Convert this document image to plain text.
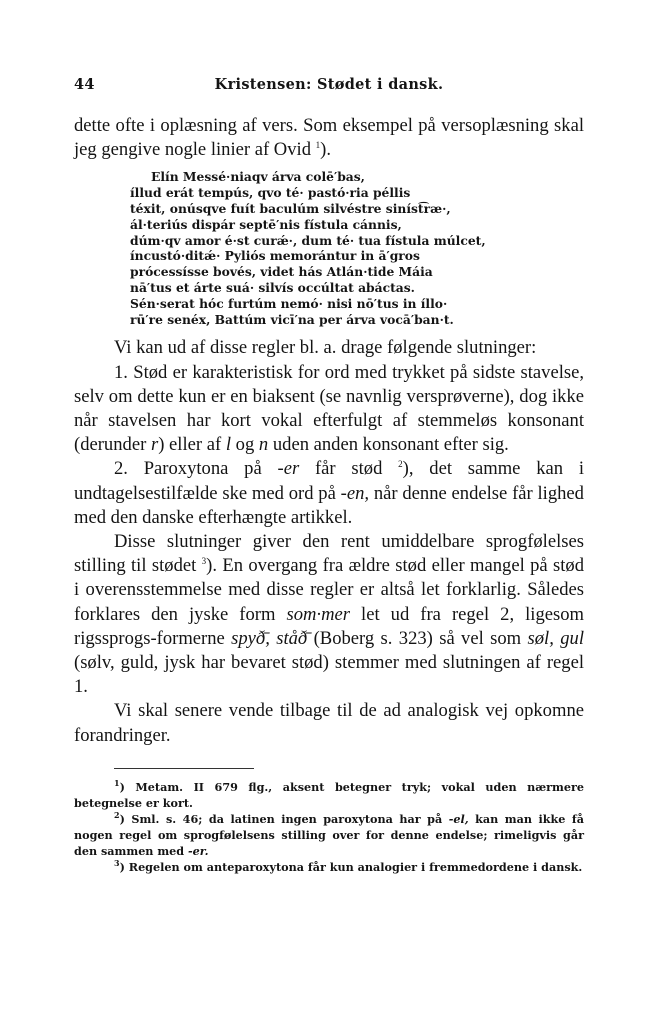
44	Kristensen: Stødet i dansk.

dette ofte i oplæsning af vers. Som eksempel på versoplæsning skal jeg gengive nogle linier af Ovid $^1$).

Elín Messé·niaqv árva colē′bas,
íllud erát tempús, qvo té· pastó·ria péllis
téxit, onúsqve fuít baculúm silvéstre siníst͡ræ·,
ál·teriús dispár septē′nis fístula cánnis,
dúm·qv amor é·st curǽ·, dum té· tua fístula múlcet,
íncustó·ditǽ· Pyliós memorántur in ā′gros
prócessísse bovés, videt hás Atlán·tide Máia
nā′tus et árte suá· silvís occúltat abáctas.
Sén·serat hóc furtúm nemó· nisi nō′tus in íllo·
rū′re senéx, Battúm vicī′na per árva vocā′ban·t.

Vi kan ud af disse regler bl. a. drage følgende slutninger:

1. Stød er karakteristisk for ord med trykket på sidste stavelse, selv om dette kun er en biaksent (se navnlig versprøverne), dog ikke når stavelsen har kort vokal efterfulgt af stemmeløs konsonant (derunder r) eller af l og n uden anden konsonant efter sig.

2. Paroxytona på -er får stød $^2$), det samme kan i undtagelsestilfælde ske med ord på -en, når denne endelse får lighed med den danske efterhængte artikkel.

Disse slutninger giver den rent umiddelbare sprogfølelses stilling til stødet $^3$). En overgang fra ældre stød eller mangel på stød i overensstemmelse med disse regler er altså let forklarlig. Således forklares den jyske form som·mer let ud fra regel 2, ligesom rigssprogs-formerne spyð̄, ståð̄ (Boberg s. 323) så vel som søl, gul (sølv, guld, jysk har bevaret stød) stemmer med slutningen af regel 1.

Vi skal senere vende tilbage til de ad analogisk vej opkomne forandringer.

$^1$) Metam. II 679 flg., aksent betegner tryk; vokal uden nærmere betegnelse er kort.

$^2$) Sml. s. 46; da latinen ingen paroxytona har på -el, kan man ikke få nogen regel om sprogfølelsens stilling over for denne endelse; rimeligvis går den sammen med -er.

$^3$) Regelen om anteparoxytona får kun analogier i fremmedordene i dansk.
